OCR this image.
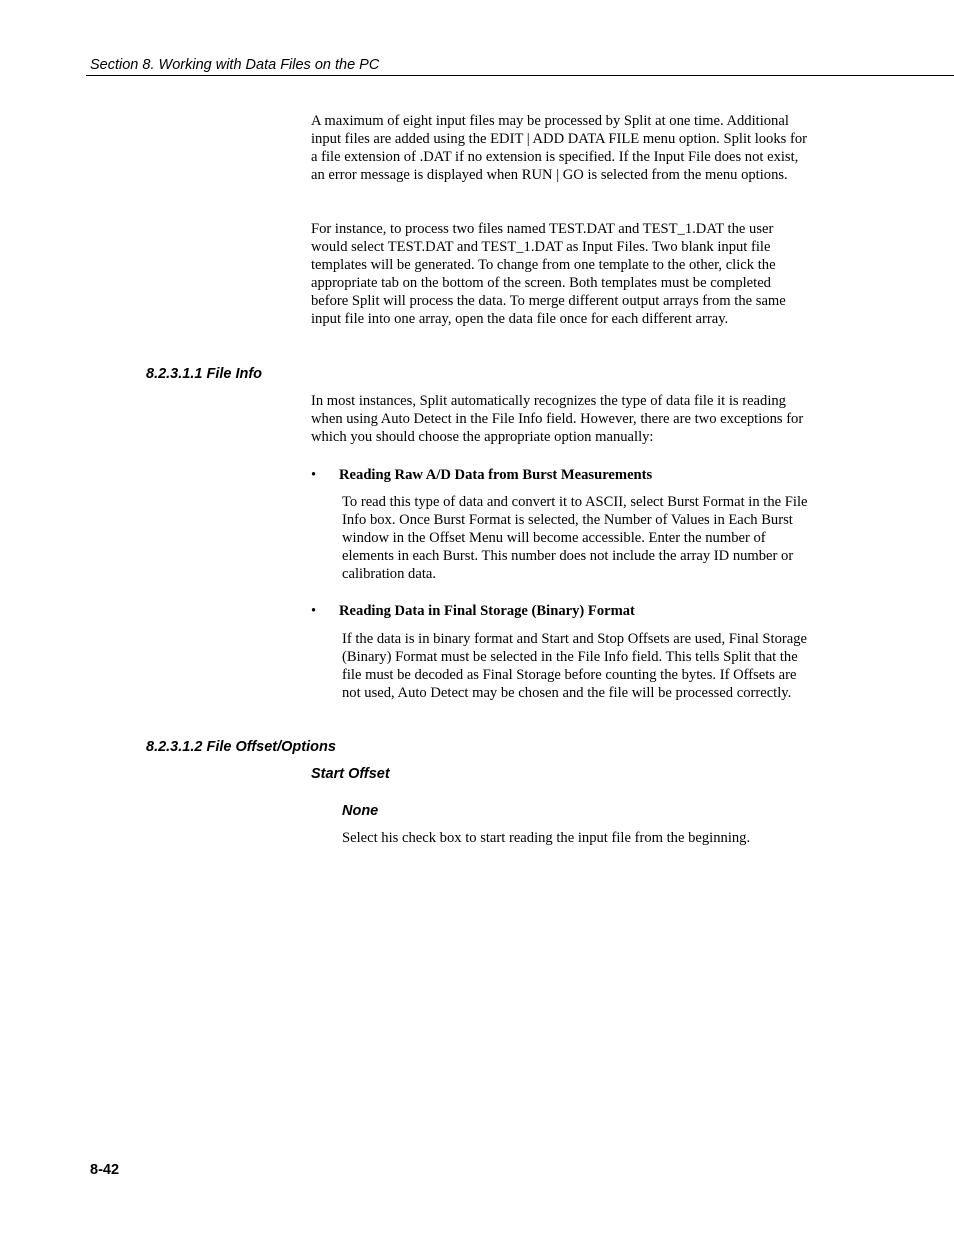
Section 8. Working with Data Files on the PC

A maximum of eight input files may be processed by Split at one time. Additional input files are added using the EDIT | ADD DATA FILE menu option. Split looks for a file extension of .DAT if no extension is specified. If the Input File does not exist, an error message is displayed when RUN | GO is selected from the menu options.

For instance, to process two files named TEST.DAT and TEST_1.DAT the user would select TEST.DAT and TEST_1.DAT as Input Files. Two blank input file templates will be generated. To change from one template to the other, click the appropriate tab on the bottom of the screen. Both templates must be completed before Split will process the data. To merge different output arrays from the same input file into one array, open the data file once for each different array.

8.2.3.1.1 File Info

In most instances, Split automatically recognizes the type of data file it is reading when using Auto Detect in the File Info field. However, there are two exceptions for which you should choose the appropriate option manually:

• Reading Raw A/D Data from Burst Measurements

To read this type of data and convert it to ASCII, select Burst Format in the File Info box. Once Burst Format is selected, the Number of Values in Each Burst window in the Offset Menu will become accessible. Enter the number of elements in each Burst. This number does not include the array ID number or calibration data.

• Reading Data in Final Storage (Binary) Format

If the data is in binary format and Start and Stop Offsets are used, Final Storage (Binary) Format must be selected in the File Info field. This tells Split that the file must be decoded as Final Storage before counting the bytes. If Offsets are not used, Auto Detect may be chosen and the file will be processed correctly.

8.2.3.1.2 File Offset/Options
Start Offset
None

Select his check box to start reading the input file from the beginning.

8-42
